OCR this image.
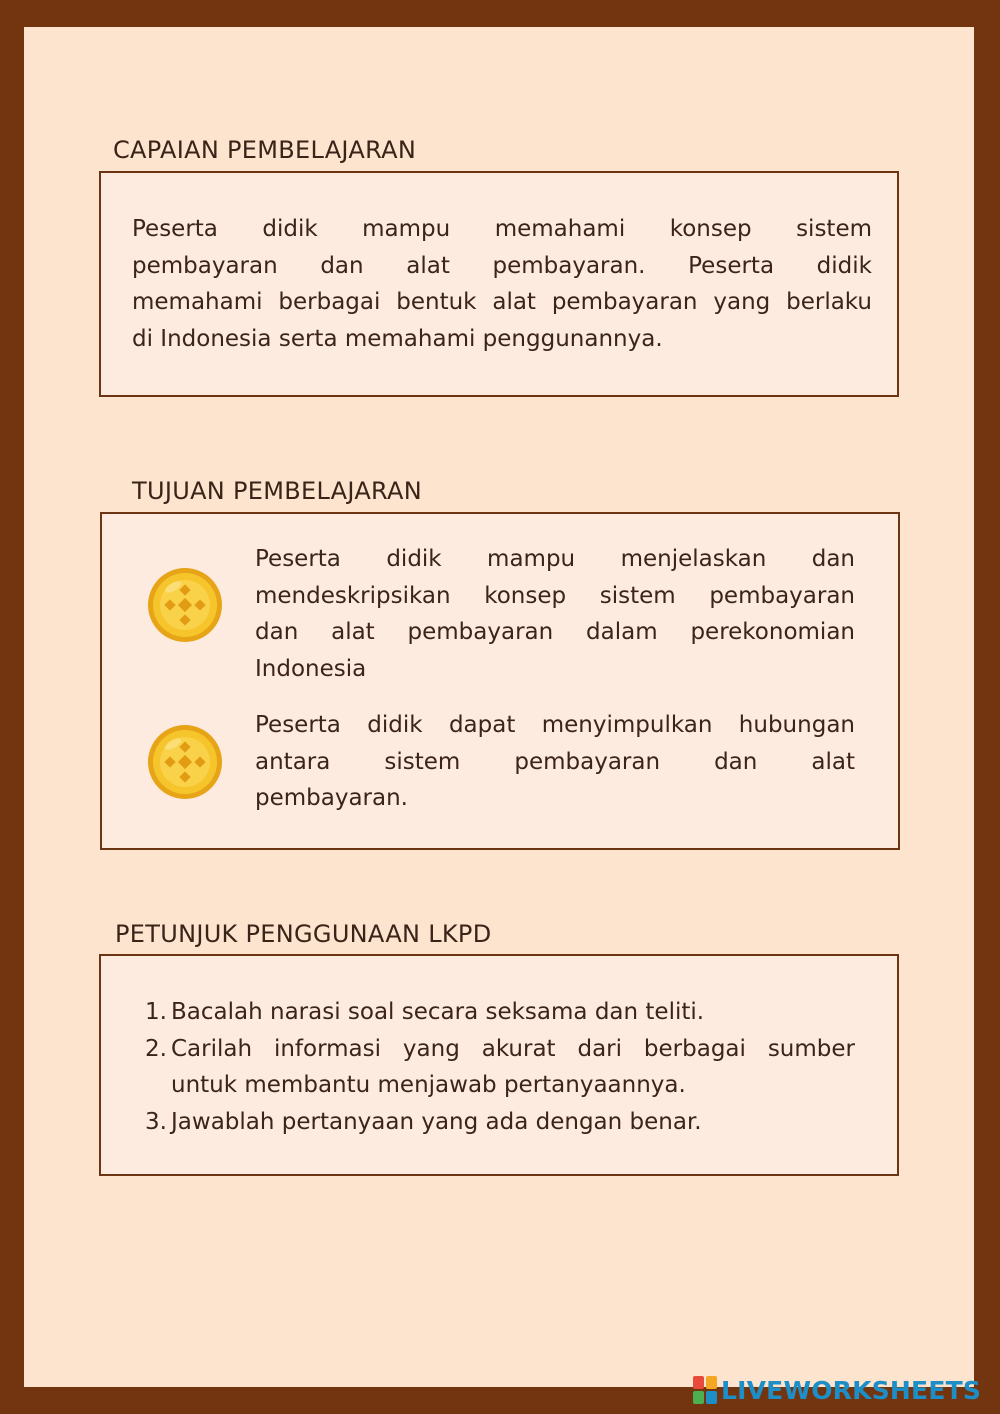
CAPAIAN PEMBELAJARAN
Peserta didik mampu memahami konsep sistem
pembayaran dan alat pembayaran. Peserta didik
memahami berbagai bentuk alat pembayaran yang berlaku
di Indonesia serta memahami penggunannya.
TUJUAN PEMBELAJARAN
Peserta didik mampu menjelaskan dan
mendeskripsikan konsep sistem pembayaran
dan alat pembayaran dalam perekonomian
Indonesia
Peserta didik dapat menyimpulkan hubungan
antara sistem pembayaran dan alat
pembayaran.
PETUNJUK PENGGUNAAN LKPD
1. Bacalah narasi soal secara seksama dan teliti.
2. Carilah informasi yang akurat dari berbagai sumber
untuk membantu menjawab pertanyaannya.
3. Jawablah pertanyaan yang ada dengan benar.
LIVEWORKSHEETS
